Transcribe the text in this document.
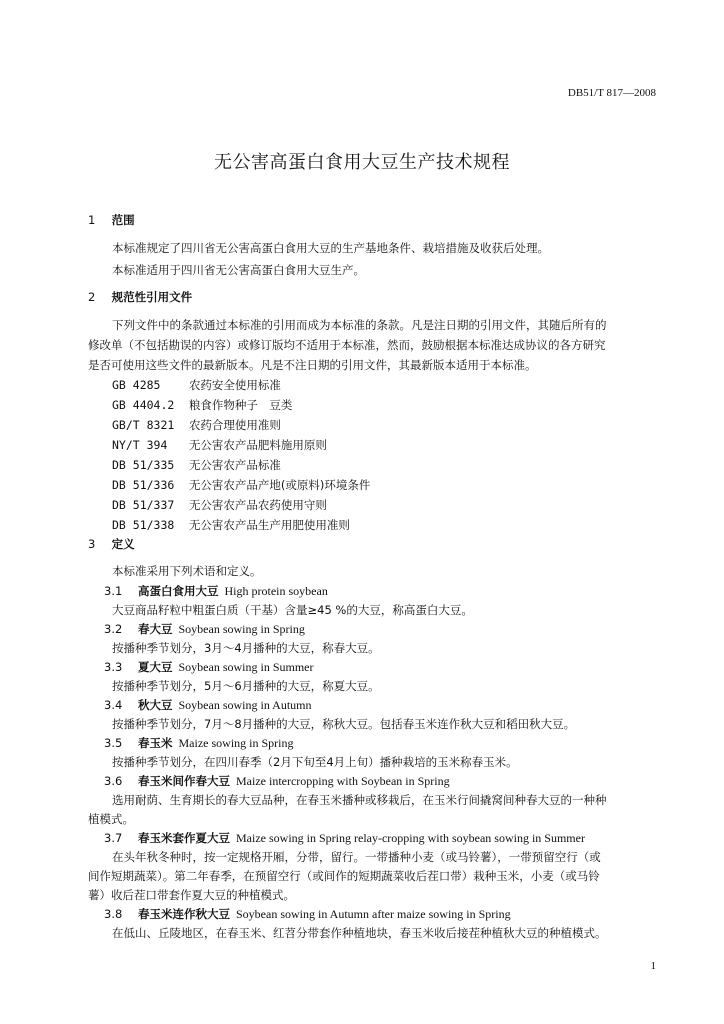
DB51/T 817—2008
无公害高蛋白食用大豆生产技术规程
1 范围
本标准规定了四川省无公害高蛋白食用大豆的生产基地条件、栽培措施及收获后处理。
本标准适用于四川省无公害高蛋白食用大豆生产。
2 规范性引用文件
下列文件中的条款通过本标准的引用而成为本标准的条款。凡是注日期的引用文件，其随后所有的
修改单（不包括勘误的内容）或修订版均不适用于本标准，然而，鼓励根据本标准达成协议的各方研究
是否可使用这些文件的最新版本。凡是不注日期的引用文件，其最新版本适用于本标准。
GB 4285 农药安全使用标准
GB 4404.2 粮食作物种子　豆类
GB/T 8321 农药合理使用准则
NY/T 394 无公害农产品肥料施用原则
DB 51/335 无公害农产品标准
DB 51/336 无公害农产品产地(或原料)环境条件
DB 51/337 无公害农产品农药使用守则
DB 51/338 无公害农产品生产用肥使用准则
3 定义
本标准采用下列术语和定义。
3.1 高蛋白食用大豆 High protein soybean
大豆商品籽粒中粗蛋白质（干基）含量≥45 %的大豆，称高蛋白大豆。
3.2 春大豆 Soybean sowing in Spring
按播种季节划分，3月～4月播种的大豆，称春大豆。
3.3 夏大豆 Soybean sowing in Summer
按播种季节划分，5月～6月播种的大豆，称夏大豆。
3.4 秋大豆 Soybean sowing in Autumn
按播种季节划分，7月～8月播种的大豆，称秋大豆。包括春玉米连作秋大豆和稻田秋大豆。
3.5 春玉米 Maize sowing in Spring
按播种季节划分，在四川春季（2月下旬至4月上旬）播种栽培的玉米称春玉米。
3.6 春玉米间作春大豆 Maize intercropping with Soybean in Spring
选用耐荫、生育期长的春大豆品种，在春玉米播种或移栽后，在玉米行间撬窝间种春大豆的一种种
植模式。
3.7 春玉米套作夏大豆 Maize sowing in Spring relay-cropping with soybean sowing in Summer
在头年秋冬种时，按一定规格开厢，分带，留行。一带播种小麦（或马铃薯），一带预留空行（或
间作短期蔬菜）。第二年春季，在预留空行（或间作的短期蔬菜收后茬口带）栽种玉米，小麦（或马铃
薯）收后茬口带套作夏大豆的种植模式。
3.8 春玉米连作秋大豆 Soybean sowing in Autumn after maize sowing in Spring
在低山、丘陵地区，在春玉米、红苕分带套作种植地块，春玉米收后接茬种植秋大豆的种植模式。
1
